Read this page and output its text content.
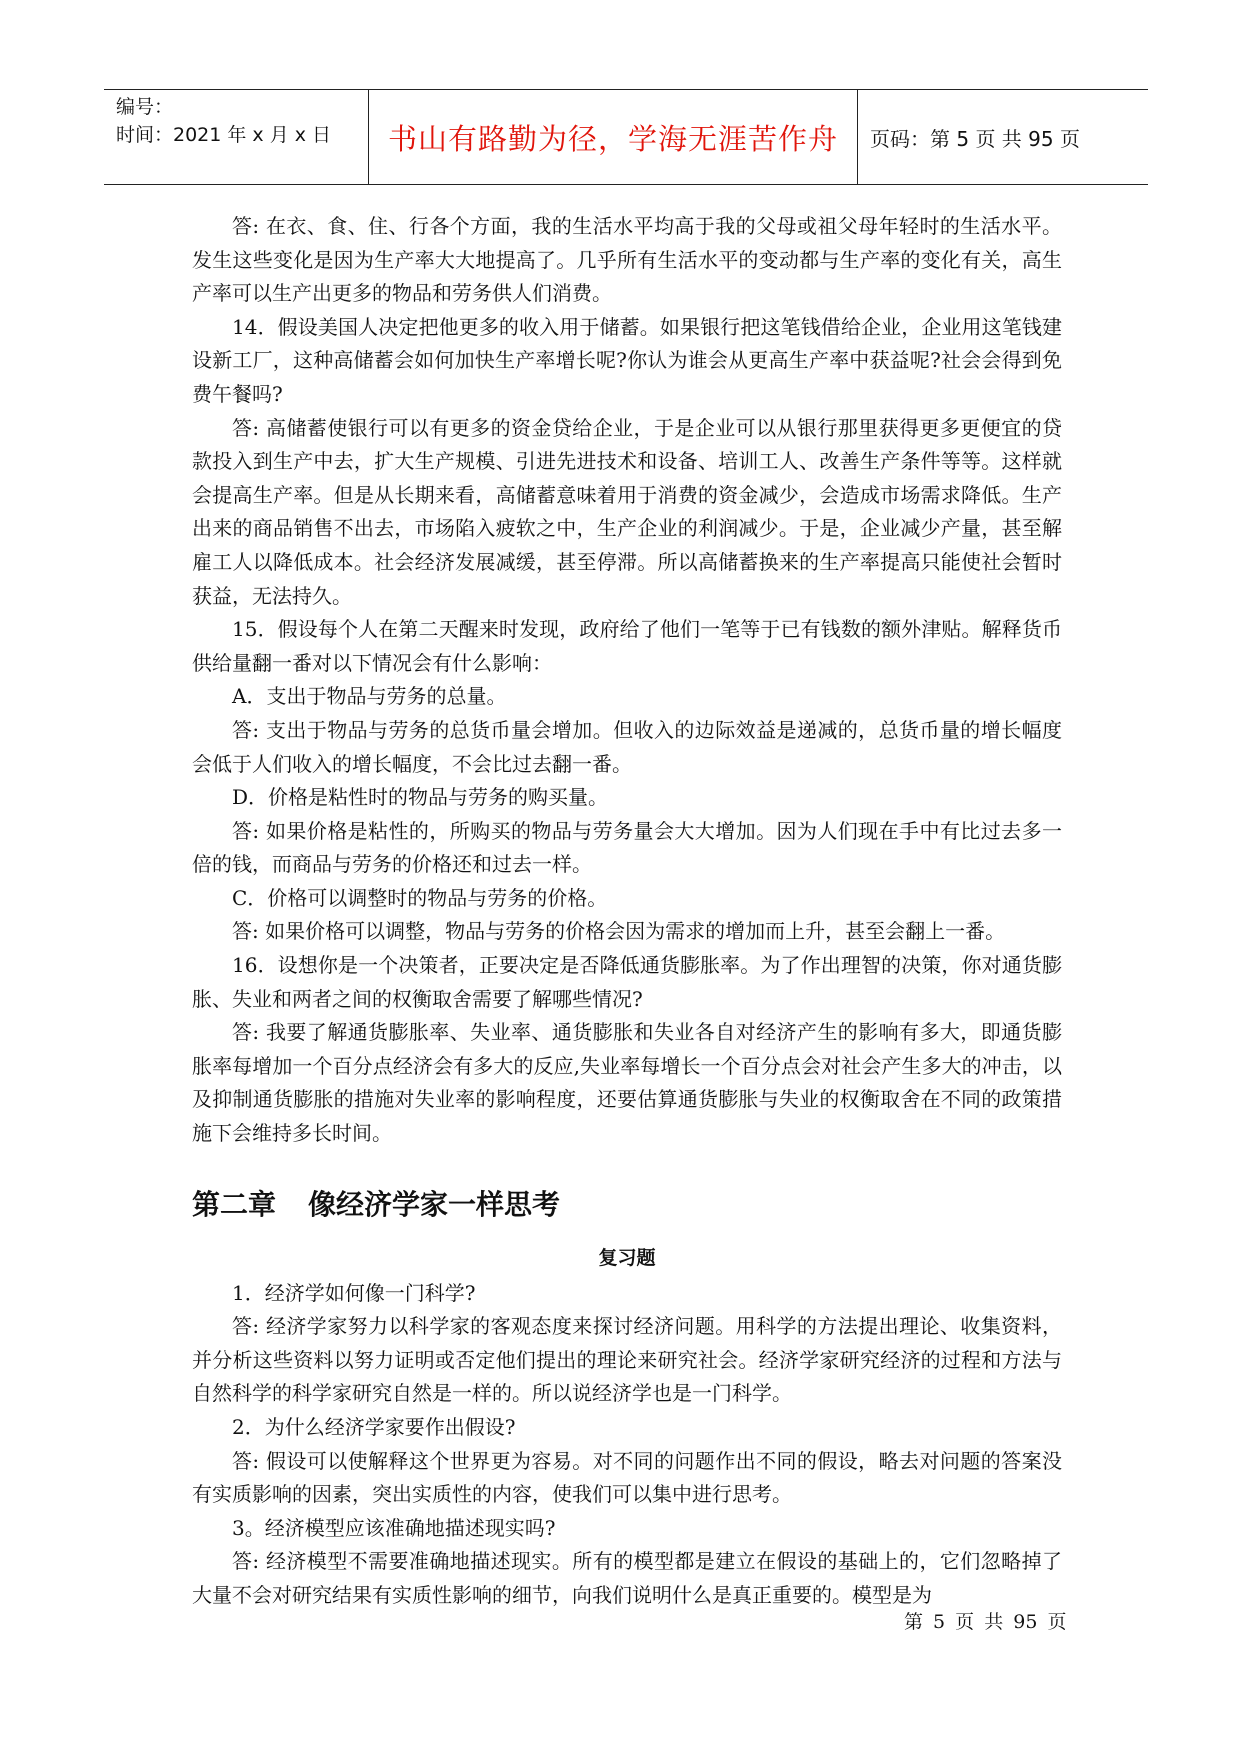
编号：
时间：2021 年 x 月 x 日	书山有路勤为径，学海无涯苦作舟 页码：第 5 页 共 95 页

答: 在衣、食、住、行各个方面，我的生活水平均高于我的父母或祖父母年轻时的生活水平。发生这些变化是因为生产率大大地提高了。几乎所有生活水平的变动都与生产率的变化有关，高生产率可以生产出更多的物品和劳务供人们消费。

14．假设美国人决定把他更多的收入用于储蓄。如果银行把这笔钱借给企业，企业用这笔钱建设新工厂，这种高储蓄会如何加快生产率增长呢?你认为谁会从更高生产率中获益呢?社会会得到免费午餐吗?

答: 高储蓄使银行可以有更多的资金贷给企业，于是企业可以从银行那里获得更多更便宜的贷款投入到生产中去，扩大生产规模、引进先进技术和设备、培训工人、改善生产条件等等。这样就会提高生产率。但是从长期来看，高储蓄意味着用于消费的资金减少，会造成市场需求降低。生产出来的商品销售不出去，市场陷入疲软之中，生产企业的利润减少。于是，企业减少产量，甚至解雇工人以降低成本。社会经济发展减缓，甚至停滞。所以高储蓄换来的生产率提高只能使社会暂时获益，无法持久。

15．假设每个人在第二天醒来时发现，政府给了他们一笔等于已有钱数的额外津贴。解释货币供给量翻一番对以下情况会有什么影响：

A．支出于物品与劳务的总量。

答: 支出于物品与劳务的总货币量会增加。但收入的边际效益是递减的，总货币量的增长幅度会低于人们收入的增长幅度，不会比过去翻一番。

D．价格是粘性时的物品与劳务的购买量。

答: 如果价格是粘性的，所购买的物品与劳务量会大大增加。因为人们现在手中有比过去多一倍的钱，而商品与劳务的价格还和过去一样。

C．价格可以调整时的物品与劳务的价格。

答: 如果价格可以调整，物品与劳务的价格会因为需求的增加而上升，甚至会翻上一番。

16．设想你是一个决策者，正要决定是否降低通货膨胀率。为了作出理智的决策，你对通货膨胀、失业和两者之间的权衡取舍需要了解哪些情况?

答: 我要了解通货膨胀率、失业率、通货膨胀和失业各自对经济产生的影响有多大，即通货膨胀率每增加一个百分点经济会有多大的反应,失业率每增长一个百分点会对社会产生多大的冲击，以及抑制通货膨胀的措施对失业率的影响程度，还要估算通货膨胀与失业的权衡取舍在不同的政策措施下会维持多长时间。

第二章 像经济学家一样思考
复习题

1．经济学如何像一门科学?

答: 经济学家努力以科学家的客观态度来探讨经济问题。用科学的方法提出理论、收集资料，并分析这些资料以努力证明或否定他们提出的理论来研究社会。经济学家研究经济的过程和方法与自然科学的科学家研究自然是一样的。所以说经济学也是一门科学。

2．为什么经济学家要作出假设?

答: 假设可以使解释这个世界更为容易。对不同的问题作出不同的假设，略去对问题的答案没有实质影响的因素，突出实质性的内容，使我们可以集中进行思考。

3。经济模型应该准确地描述现实吗?

答: 经济模型不需要准确地描述现实。所有的模型都是建立在假设的基础上的，它们忽略掉了大量不会对研究结果有实质性影响的细节，向我们说明什么是真正重要的。模型是为

第 5 页 共 95 页
